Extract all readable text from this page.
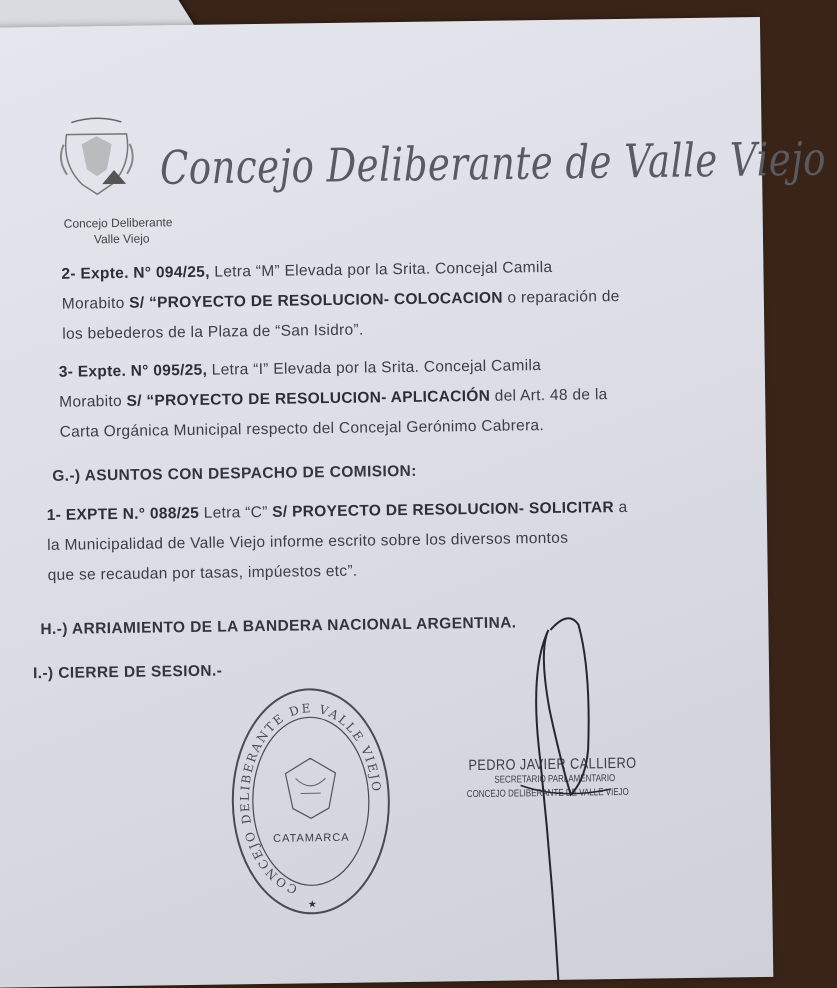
Concejo Deliberante de Valle Viejo
Concejo Deliberante
Valle Viejo
2- Expte. N° 094/25, Letra “M” Elevada por la Srita. Concejal Camila
Morabito S/ “PROYECTO DE RESOLUCION- COLOCACION o reparación de
los bebederos de la Plaza de “San Isidro”.
3- Expte. N° 095/25, Letra “I” Elevada por la Srita. Concejal Camila
Morabito S/ “PROYECTO DE RESOLUCION- APLICACIÓN del Art. 48 de la
Carta Orgánica Municipal respecto del Concejal Gerónimo Cabrera.
G.-) ASUNTOS CON DESPACHO DE COMISION:
1- EXPTE N.° 088/25 Letra “C” S/ PROYECTO DE RESOLUCION- SOLICITAR a
la Municipalidad de Valle Viejo informe escrito sobre los diversos montos
que se recaudan por tasas, impúestos etc”.
H.-) ARRIAMIENTO DE LA BANDERA NACIONAL ARGENTINA.
I.-) CIERRE DE SESION.-
CONCEJO DELIBERANTE DE VALLE VIEJO
CATAMARCA
★
PEDRO JAVIER CALLIERO
SECRETARIO PARLAMENTARIO
CONCEJO DELIBERANTE DE VALLE VIEJO
